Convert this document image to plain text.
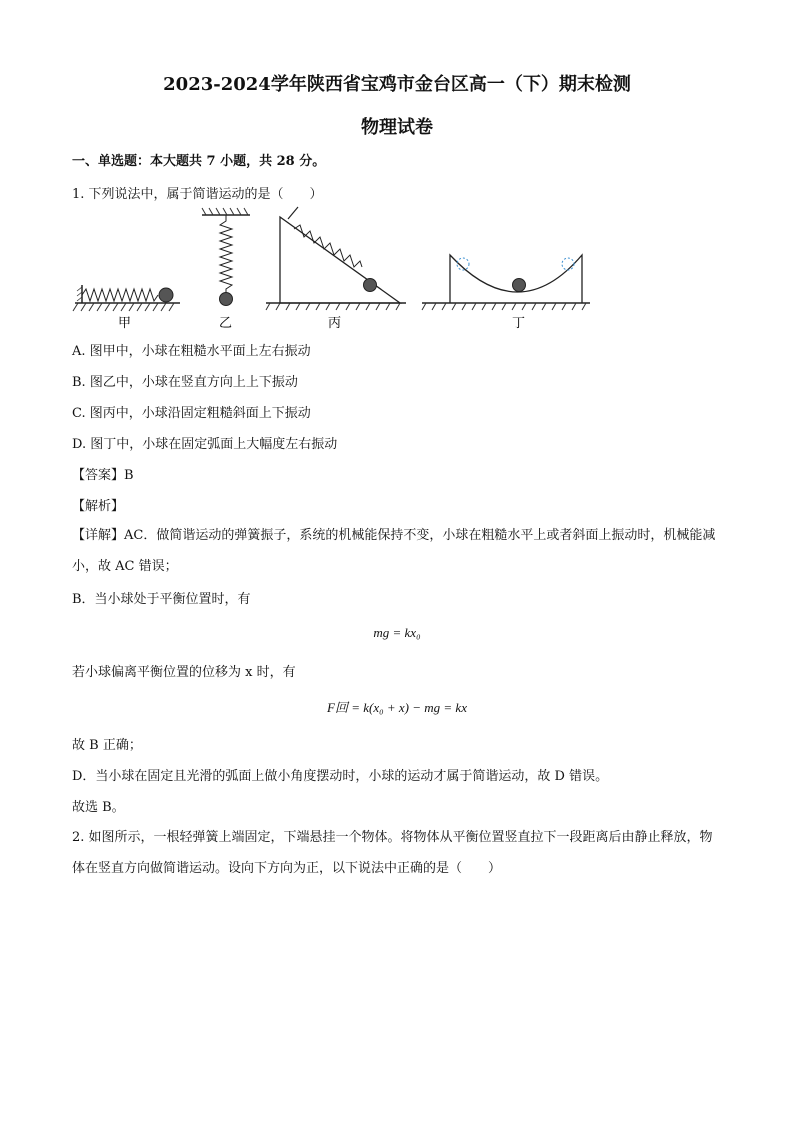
2023-2024学年陕西省宝鸡市金台区高一（下）期末检测
物理试卷
一、单选题：本大题共 7 小题，共 28 分。
1. 下列说法中，属于简谐运动的是（　　）
甲	乙	丙	丁
A. 图甲中，小球在粗糙水平面上左右振动
B. 图乙中，小球在竖直方向上上下振动
C. 图丙中，小球沿固定粗糙斜面上下振动
D. 图丁中，小球在固定弧面上大幅度左右振动
【答案】B
【解析】
【详解】AC．做简谐运动的弹簧振子，系统的机械能保持不变，小球在粗糙水平上或者斜面上振动时，机械能减小，故 AC 错误；
B．当小球处于平衡位置时，有
mg = kx₀
若小球偏离平衡位置的位移为 x 时，有
F回 = k(x₀ + x) − mg = kx
故 B 正确；
D．当小球在固定且光滑的弧面上做小角度摆动时，小球的运动才属于简谐运动，故 D 错误。
故选 B。
2. 如图所示，一根轻弹簧上端固定，下端悬挂一个物体。将物体从平衡位置竖直拉下一段距离后由静止释放，物体在竖直方向做简谐运动。设向下方向为正，以下说法中正确的是（　　）
